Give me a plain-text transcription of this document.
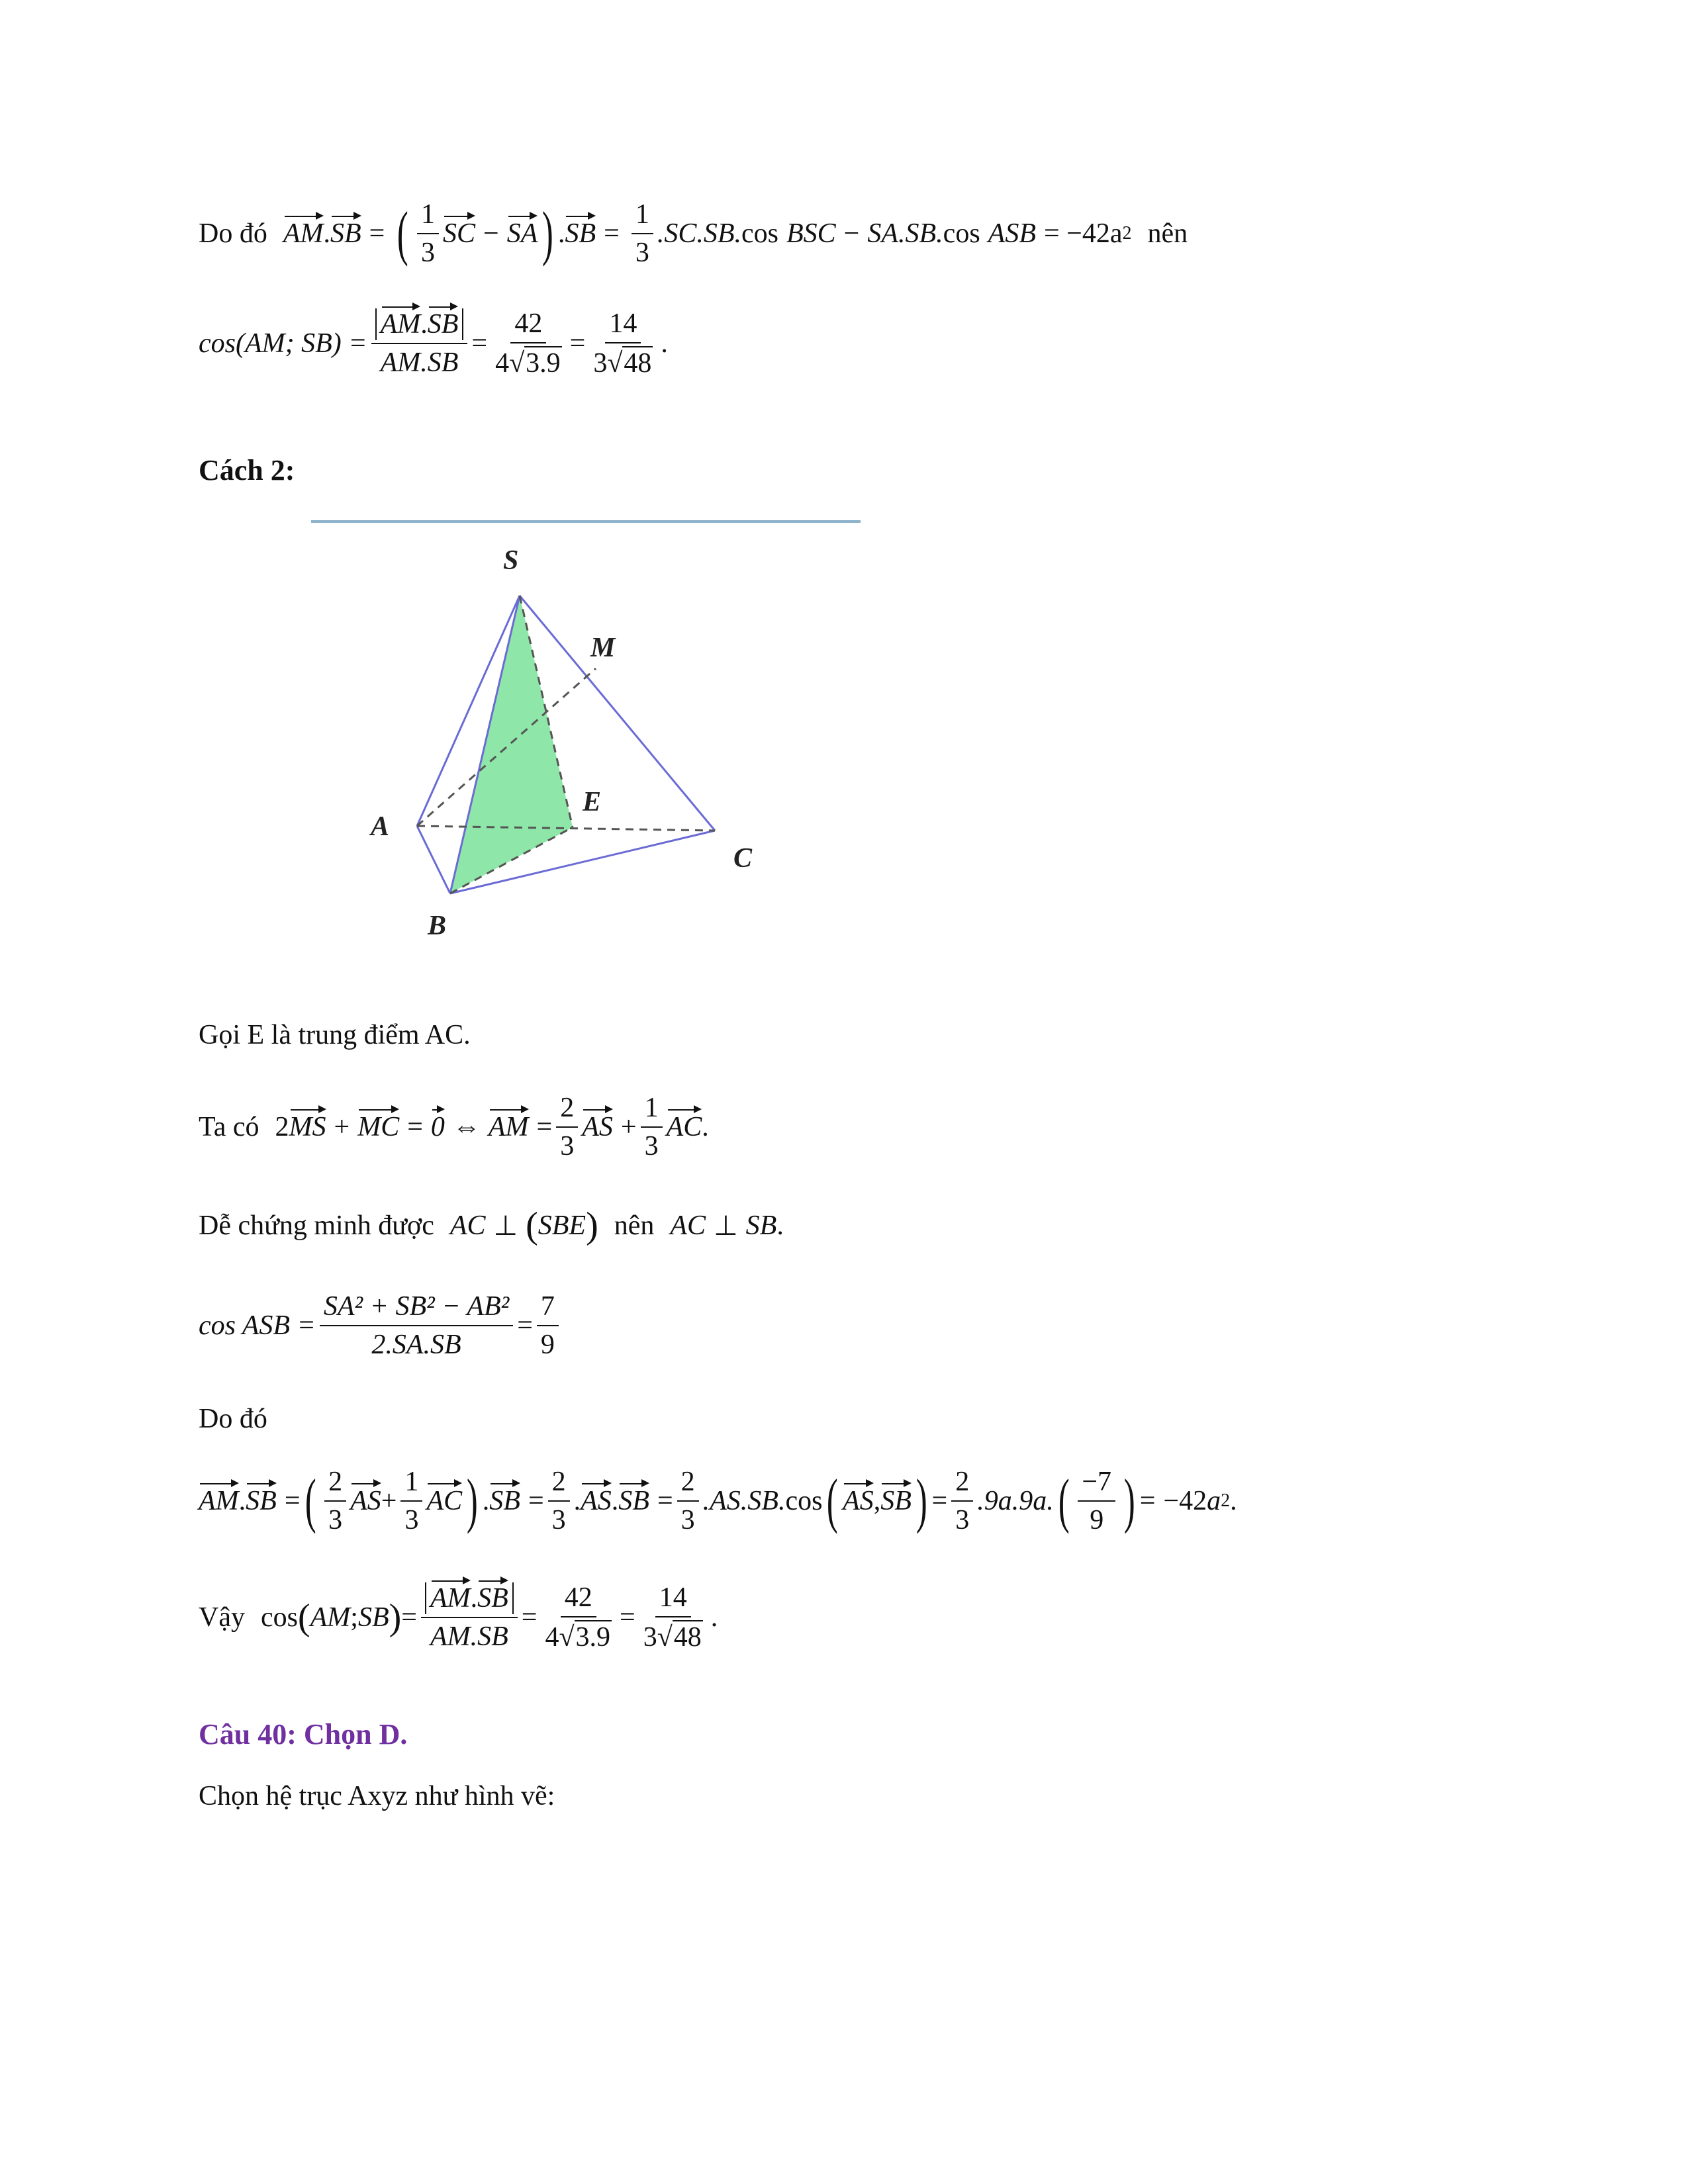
Do đó AM . SB = ( $\frac{1}{3}$ SC − SA ) . SB = $\frac{1}{3} .SC.SB$. cos BSC − SA.SB. cos ASB = −42a 2 nên
cos(AM; $SB) = \frac{AM.SB}{AM.SB} = \frac{42}{4√3.9} = \frac{14}{3√48}$ .
Cách 2:
S
M
A
E
C
B
Gọi E là trung điểm AC.
Ta có 2 MS + MC = 0 ⇔ AM = $\frac{2}{3}$ AS + $\frac{1}{3}$ AC .
Dễ chứng minh được AC ⊥ ( SBE ) nên AC ⊥ SB .
cos ASB = $\frac{\text{SA² + SB² − AB²}}{2.SA.SB} = \frac{7}{9}$
Do đó
AM . SB = ( $\frac{2}{3}$ AS + $\frac{1}{3}$ AC ) . SB = $\frac{2}{3}$ . AS . SB = $\frac{2}{3} .AS.SB$. cos ( AS , SB ) = $\frac{2}{3} .9a.9a$. ( $\frac{-7}{9}$ ) = −42 a 2 .
Vậy cos ( AM ; SB ) = $\frac{AM.SB}{AM.SB} = \frac{42}{4√3.9} = \frac{14}{3√48}$ .
Câu 40: Chọn D.
Chọn hệ trục Axyz như hình vẽ:
